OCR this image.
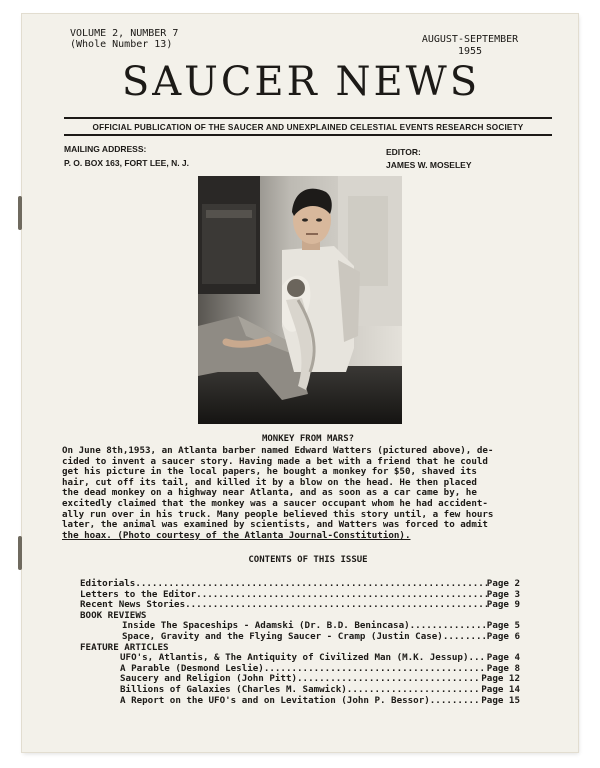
VOLUME 2, NUMBER 7
(Whole Number 13)	AUGUST-SEPTEMBER
1955
SAUCER NEWS
OFFICIAL PUBLICATION OF THE SAUCER AND UNEXPLAINED CELESTIAL EVENTS RESEARCH SOCIETY
MAILING ADDRESS:
P. O. BOX 163, FORT LEE, N. J.
EDITOR:
JAMES W. MOSELEY
MONKEY FROM MARS?
On June 8th,1953, an Atlanta barber named Edward Watters (pictured above), de-
cided to invent a saucer story. Having made a bet with a friend that he could
get his picture in the local papers, he bought a monkey for $50, shaved its
hair, cut off its tail, and killed it by a blow on the head. He then placed
the dead monkey on a highway near Atlanta, and as soon as a car came by, he
excitedly claimed that the monkey was a saucer occupant whom he had accident-
ally run over in his truck. Many people believed this story until, a few hours
later, the animal was examined by scientists, and Watters was forced to admit
the hoax. (Photo courtesy of the Atlanta Journal-Constitution).
CONTENTS OF THIS ISSUE
Editorials .....	Page 2
Letters to the Editor .....	Page 3
Recent News Stories .....	Page 9
BOOK REVIEWS
Inside The Spaceships - Adamski (Dr. B.D. Benincasa) .....	Page 5
Space, Gravity and the Flying Saucer - Cramp (Justin Case) .....	Page 6
FEATURE ARTICLES
UFO's, Atlantis, & The Antiquity of Civilized Man (M.K. Jessup) ..... Page 4
A Parable (Desmond Leslie) .....	Page 8
Saucery and Religion (John Pitt) .....	Page 12
Billions of Galaxies (Charles M. Samwick) .....	Page 14
A Report on the UFO's and on Levitation (John P. Bessor) .....	Page 15
